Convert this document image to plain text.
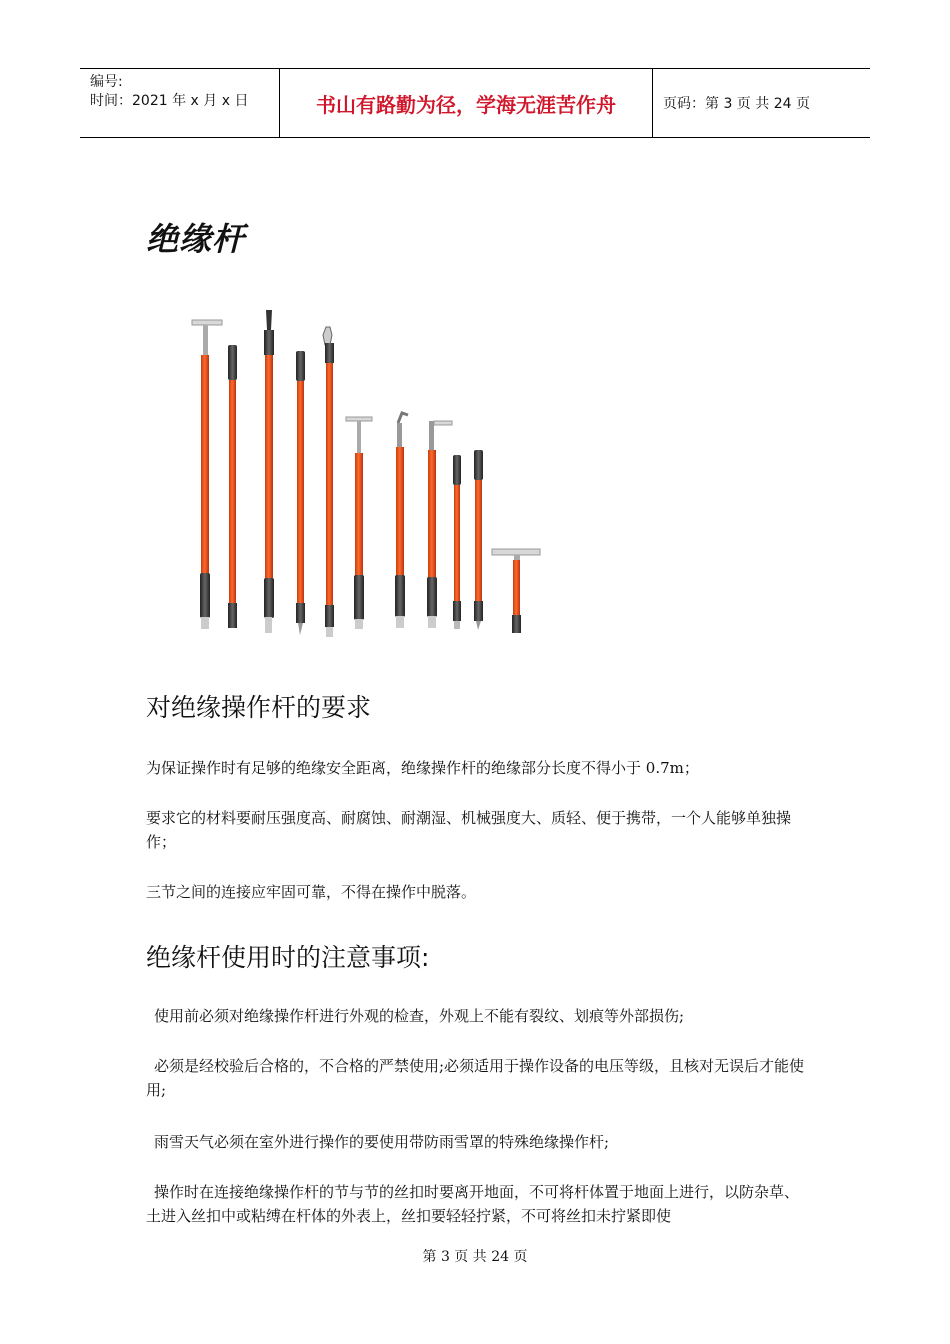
编号:
时间：2021 年 x 月 x 日	书山有路勤为径，学海无涯苦作舟	页码：第 3 页 共 24 页
绝缘杆
对绝缘操作杆的要求

为保证操作时有足够的绝缘安全距离，绝缘操作杆的绝缘部分长度不得小于 0.7m；

要求它的材料要耐压强度高、耐腐蚀、耐潮湿、机械强度大、质轻、便于携带，一个人能够单独操作；

三节之间的连接应牢固可靠，不得在操作中脱落。

绝缘杆使用时的注意事项:

使用前必须对绝缘操作杆进行外观的检查，外观上不能有裂纹、划痕等外部损伤;

必须是经校验后合格的，不合格的严禁使用;必须适用于操作设备的电压等级，且核对无误后才能使用;

雨雪天气必须在室外进行操作的要使用带防雨雪罩的特殊绝缘操作杆;

操作时在连接绝缘操作杆的节与节的丝扣时要离开地面，不可将杆体置于地面上进行，以防杂草、土进入丝扣中或粘缚在杆体的外表上，丝扣要轻轻拧紧，不可将丝扣未拧紧即使

第 3 页 共 24 页
